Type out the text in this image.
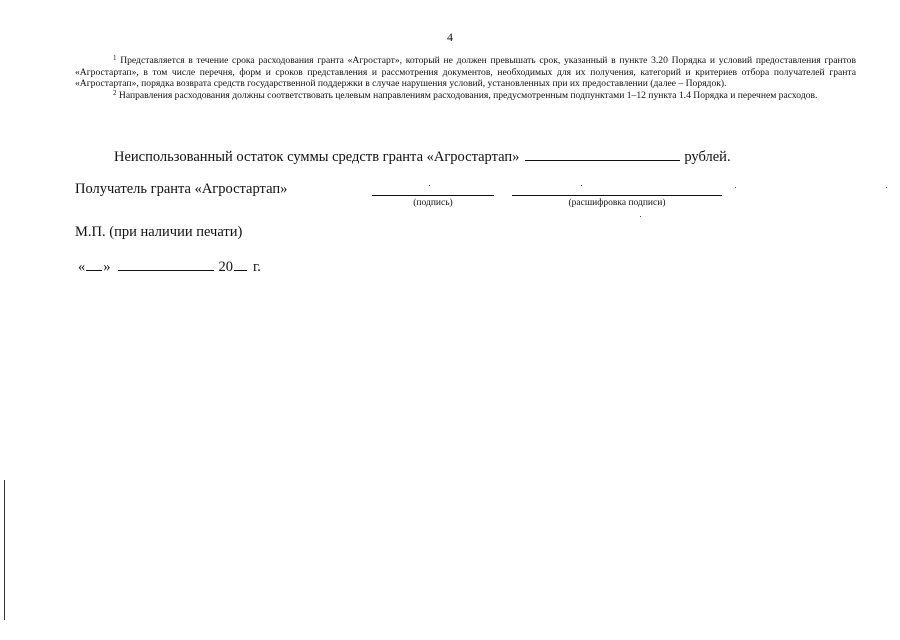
4

$^1$ Представляется в течение срока расходования гранта «Агростарт», который не должен превышать срок, указанный в пункте 3.20 Порядка и условий предоставления грантов «Агростартап», в том числе перечня, форм и сроков представления и рассмотрения документов, необходимых для их получения, категорий и критериев отбора получателей гранта «Агростартап», порядка возврата средств государственной поддержки в случае нарушения условий, установленных при их предоставлении (далее – Порядок).

$^2$ Направления расходования должны соответствовать целевым направлениям расходования, предусмотренным подпунктами 1–12 пункта 1.4 Порядка и перечнем расходов.

Неиспользованный остаток суммы средств гранта «Агростартап»	рублей.
Получатель гранта «Агростартап»
(подпись)	(расшифровка подписи)
М.П. (при наличии печати)
« »	20 г.
